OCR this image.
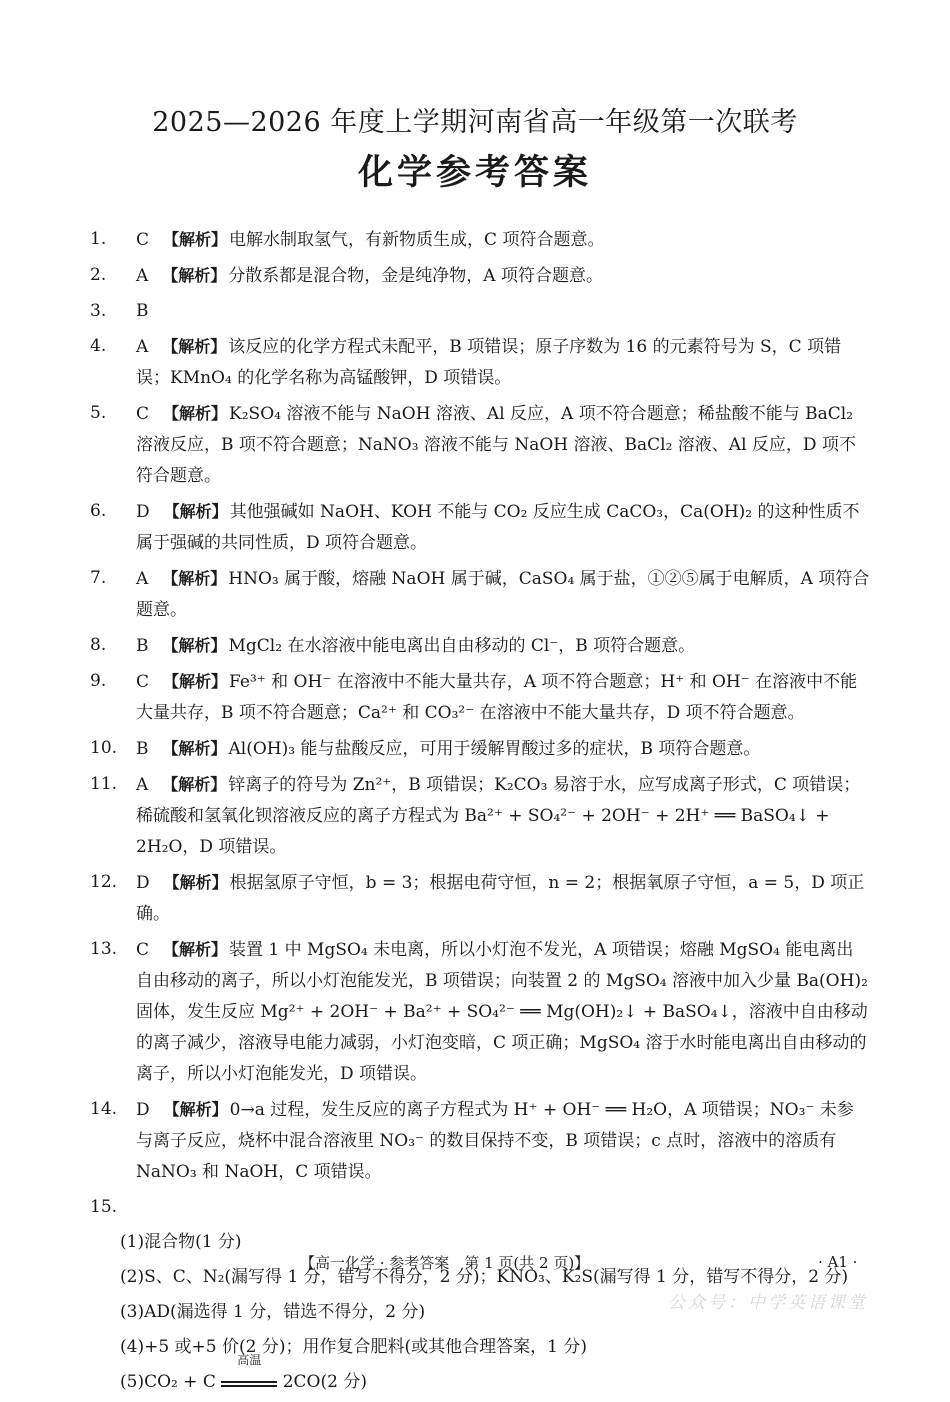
2025—2026 年度上学期河南省高一年级第一次联考
化学参考答案
1.	C 【解析】 电解水制取氢气，有新物质生成，C 项符合题意。
2.	A 【解析】 分散系都是混合物，金是纯净物，A 项符合题意。
3.	B
4.	A 【解析】 该反应的化学方程式未配平，B 项错误；原子序数为 16 的元素符号为 S，C 项错误；KMnO₄ 的化学名称为高锰酸钾，D 项错误。
5.	C 【解析】 K₂SO₄ 溶液不能与 NaOH 溶液、Al 反应，A 项不符合题意；稀盐酸不能与 BaCl₂ 溶液反应，B 项不符合题意；NaNO₃ 溶液不能与 NaOH 溶液、BaCl₂ 溶液、Al 反应，D 项不符合题意。
6.	D 【解析】 其他强碱如 NaOH、KOH 不能与 CO₂ 反应生成 CaCO₃，Ca(OH)₂ 的这种性质不属于强碱的共同性质，D 项符合题意。
7.	A 【解析】 HNO₃ 属于酸，熔融 NaOH 属于碱，CaSO₄ 属于盐，①②⑤属于电解质，A 项符合题意。
8.	B 【解析】 MgCl₂ 在水溶液中能电离出自由移动的 Cl⁻，B 项符合题意。
9.	C 【解析】 Fe³⁺ 和 OH⁻ 在溶液中不能大量共存，A 项不符合题意；H⁺ 和 OH⁻ 在溶液中不能大量共存，B 项不符合题意；Ca²⁺ 和 CO₃²⁻ 在溶液中不能大量共存，D 项不符合题意。
10.	B 【解析】 Al(OH)₃ 能与盐酸反应，可用于缓解胃酸过多的症状，B 项符合题意。
11.	A 【解析】 锌离子的符号为 Zn²⁺，B 项错误；K₂CO₃ 易溶于水，应写成离子形式，C 项错误；稀硫酸和氢氧化钡溶液反应的离子方程式为 Ba²⁺ + SO₄²⁻ + 2OH⁻ + 2H⁺ ══ BaSO₄↓ + 2H₂O，D 项错误。
12.	D 【解析】 根据氢原子守恒，b = 3；根据电荷守恒，n = 2；根据氧原子守恒，a = 5，D 项正确。
13.	C 【解析】 装置 1 中 MgSO₄ 未电离，所以小灯泡不发光，A 项错误；熔融 MgSO₄ 能电离出自由移动的离子，所以小灯泡能发光，B 项错误；向装置 2 的 MgSO₄ 溶液中加入少量 Ba(OH)₂ 固体，发生反应 Mg²⁺ + 2OH⁻ + Ba²⁺ + SO₄²⁻ ══ Mg(OH)₂↓ + BaSO₄↓，溶液中自由移动的离子减少，溶液导电能力减弱，小灯泡变暗，C 项正确；MgSO₄ 溶于水时能电离出自由移动的离子，所以小灯泡能发光，D 项错误。
14.	D 【解析】 0→a 过程，发生反应的离子方程式为 H⁺ + OH⁻ ══ H₂O，A 项错误；NO₃⁻ 未参与离子反应，烧杯中混合溶液里 NO₃⁻ 的数目保持不变，B 项错误；c 点时，溶液中的溶质有 NaNO₃ 和 NaOH，C 项错误。
15.
(1)混合物(1 分)
(2)S、C、N₂(漏写得 1 分，错写不得分，2 分)；KNO₃、K₂S(漏写得 1 分，错写不得分，2 分)
(3)AD(漏选得 1 分，错选不得分，2 分)
(4)+5 或+5 价(2 分)；用作复合肥料(或其他合理答案，1 分)
(5)CO₂ + C
高温
2CO(2 分)
【高一化学 · 参考答案　第 1 页(共 2 页)】	· A1 ·
公众号：中学英语课堂
